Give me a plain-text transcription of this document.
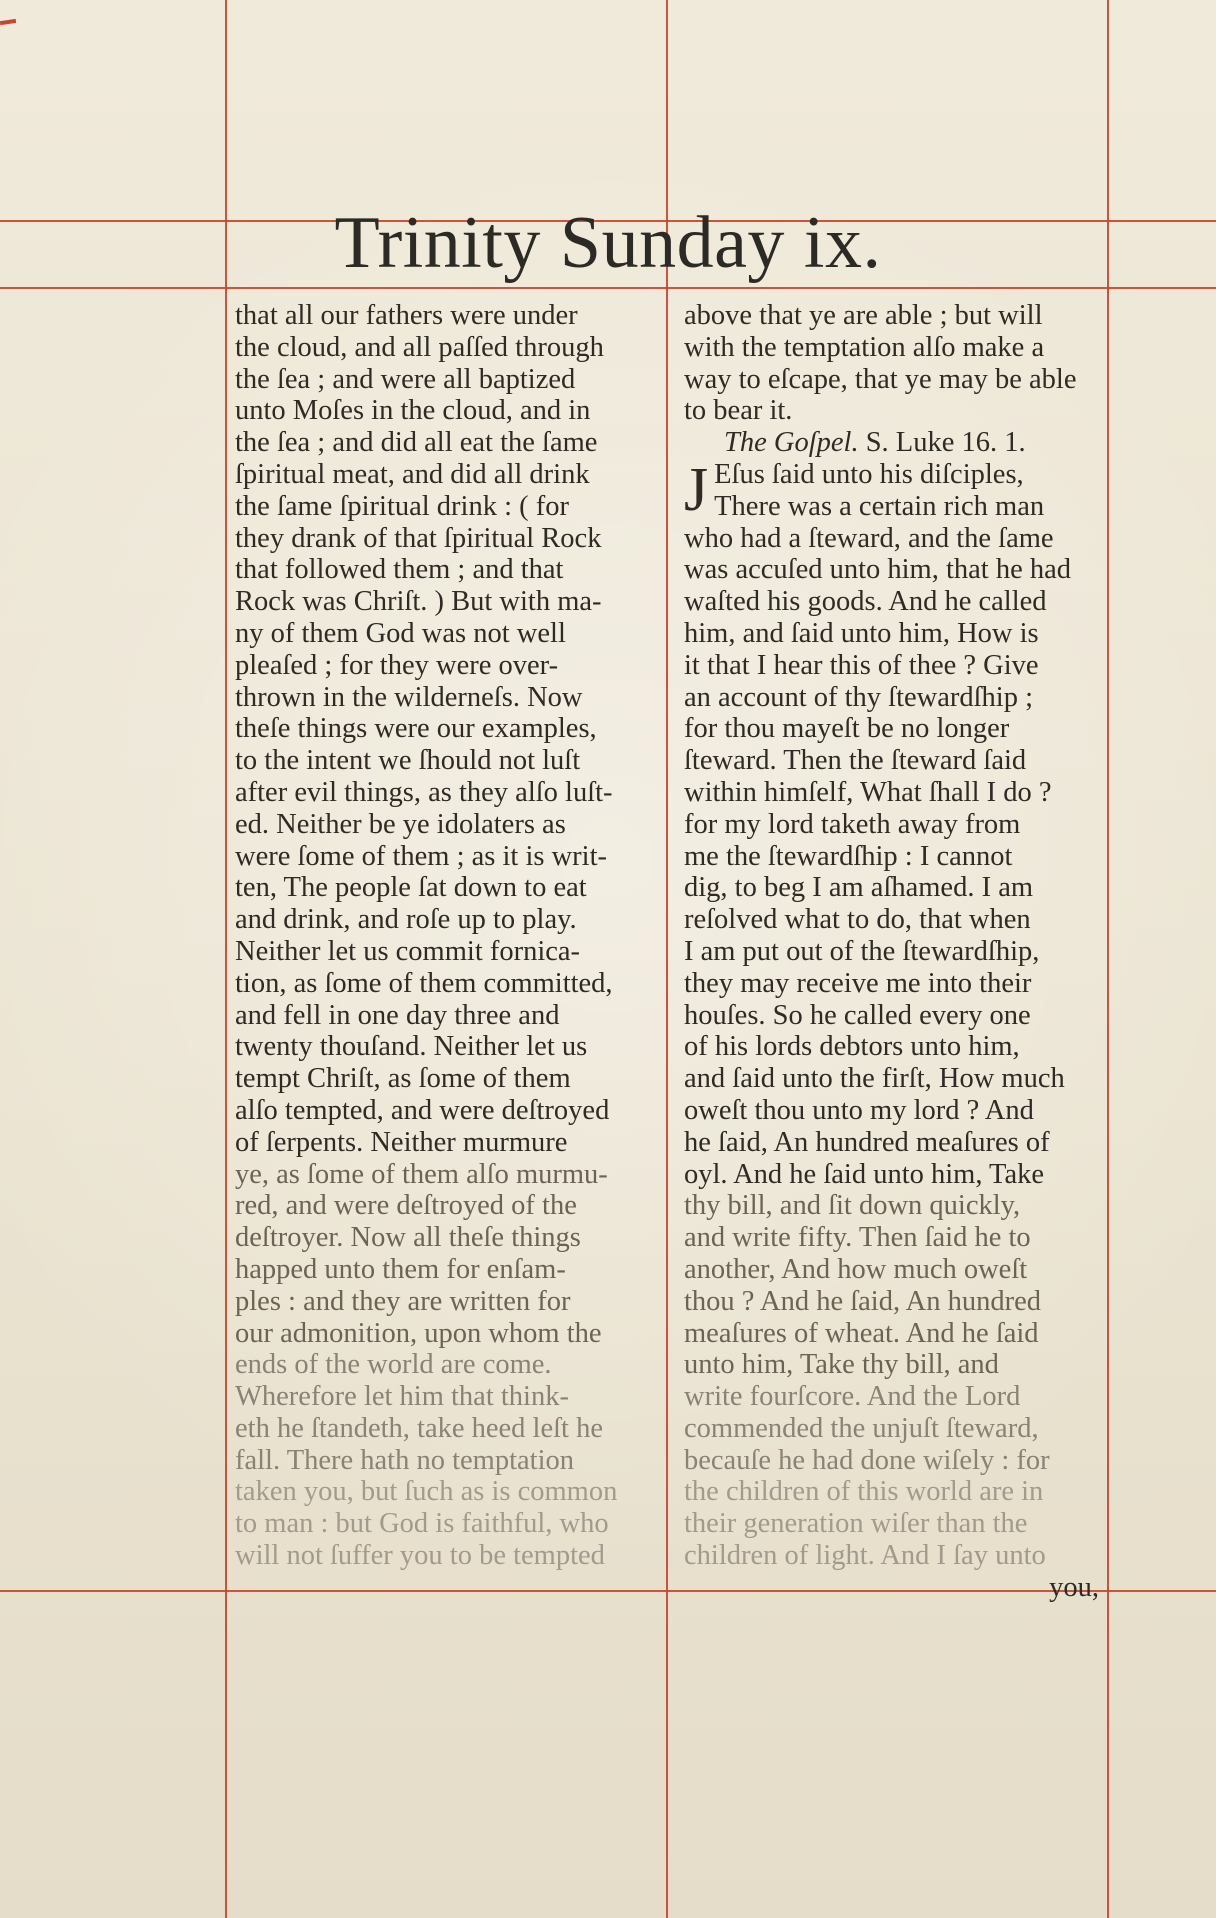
Trinity Sunday ix.
that all our fathers were under
the cloud, and all paſſed through
the ſea ; and were all baptized
unto Moſes in the cloud, and in
the ſea ; and did all eat the ſame
ſpiritual meat, and did all drink
the ſame ſpiritual drink : ( for
they drank of that ſpiritual Rock
that followed them ; and that
Rock was Chriſt. ) But with ma-
ny of them God was not well
pleaſed ; for they were over-
thrown in the wilderneſs. Now
theſe things were our examples,
to the intent we ſhould not luſt
after evil things, as they alſo luſt-
ed. Neither be ye idolaters as
were ſome of them ; as it is writ-
ten, The people ſat down to eat
and drink, and roſe up to play.
Neither let us commit fornica-
tion, as ſome of them committed,
and fell in one day three and
twenty thouſand. Neither let us
tempt Chriſt, as ſome of them
alſo tempted, and were deſtroyed
of ſerpents. Neither murmure
ye, as ſome of them alſo murmu-
red, and were deſtroyed of the
deſtroyer. Now all theſe things
happed unto them for enſam-
ples : and they are written for
our admonition, upon whom the
ends of the world are come.
Wherefore let him that think-
eth he ſtandeth, take heed leſt he
fall. There hath no temptation
taken you, but ſuch as is common
to man : but God is faithful, who
will not ſuffer you to be tempted
above that ye are able ; but will
with the temptation alſo make a
way to eſcape, that ye may be able
to bear it.
The Goſpel. S. Luke 16. 1.
J Eſus ſaid unto his diſciples,
There was a certain rich man
who had a ſteward, and the ſame
was accuſed unto him, that he had
waſted his goods. And he called
him, and ſaid unto him, How is
it that I hear this of thee ? Give
an account of thy ſtewardſhip ;
for thou mayeſt be no longer
ſteward. Then the ſteward ſaid
within himſelf, What ſhall I do ?
for my lord taketh away from
me the ſtewardſhip : I cannot
dig, to beg I am aſhamed. I am
reſolved what to do, that when
I am put out of the ſtewardſhip,
they may receive me into their
houſes. So he called every one
of his lords debtors unto him,
and ſaid unto the firſt, How much
oweſt thou unto my lord ? And
he ſaid, An hundred meaſures of
oyl. And he ſaid unto him, Take
thy bill, and ſit down quickly,
and write fifty. Then ſaid he to
another, And how much oweſt
thou ? And he ſaid, An hundred
meaſures of wheat. And he ſaid
unto him, Take thy bill, and
write fourſcore. And the Lord
commended the unjuſt ſteward,
becauſe he had done wiſely : for
the children of this world are in
their generation wiſer than the
children of light. And I ſay unto
you,
